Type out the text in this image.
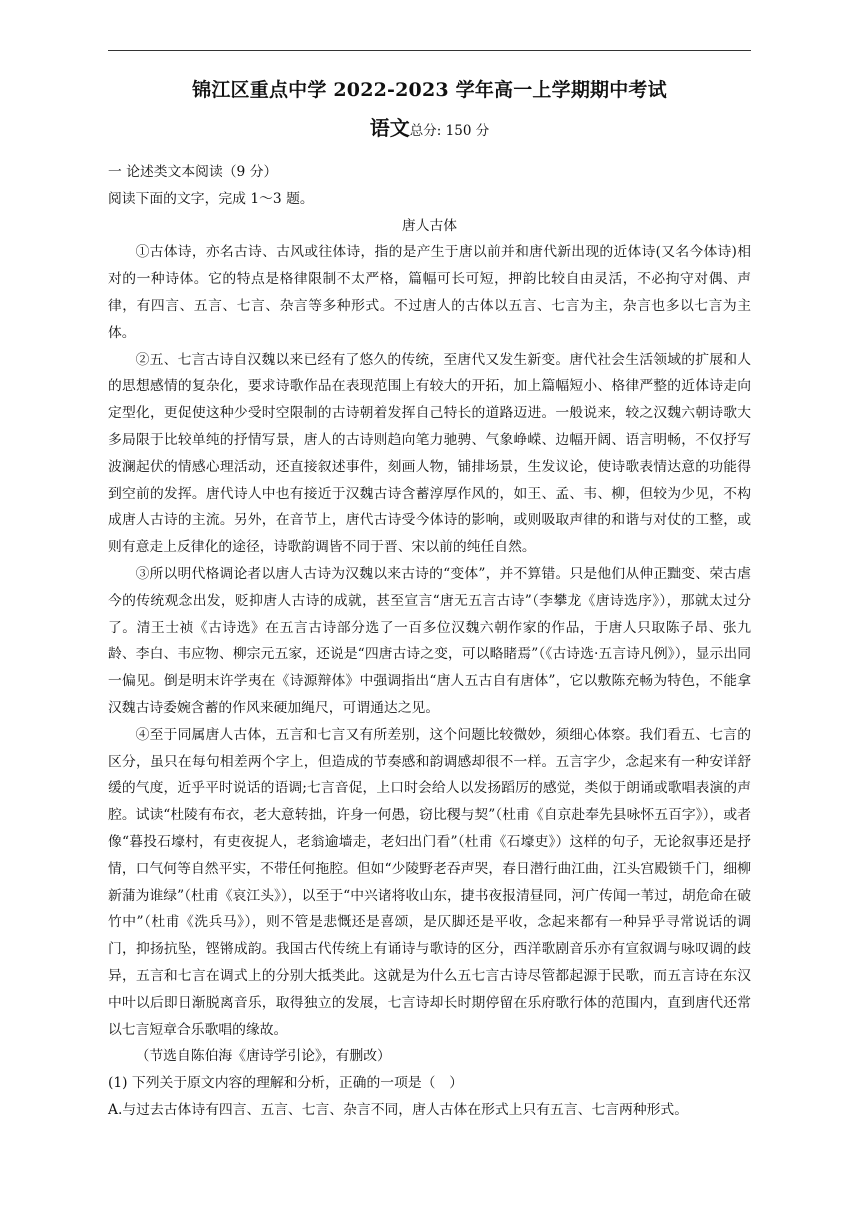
锦江区重点中学 2022-2023 学年高一上学期期中考试
语文总分: 150 分

一 论述类文本阅读（9 分）

阅读下面的文字，完成 1～3 题。

唐人古体

①古体诗，亦名古诗、古风或往体诗，指的是产生于唐以前并和唐代新出现的近体诗(又名今体诗)相对的一种诗体。它的特点是格律限制不太严格，篇幅可长可短，押韵比较自由灵活，不必拘守对偶、声律，有四言、五言、七言、杂言等多种形式。不过唐人的古体以五言、七言为主，杂言也多以七言为主体。

②五、七言古诗自汉魏以来已经有了悠久的传统，至唐代又发生新变。唐代社会生活领域的扩展和人的思想感情的复杂化，要求诗歌作品在表现范围上有较大的开拓，加上篇幅短小、格律严整的近体诗走向定型化，更促使这种少受时空限制的古诗朝着发挥自己特长的道路迈进。一般说来，较之汉魏六朝诗歌大多局限于比较单纯的抒情写景，唐人的古诗则趋向笔力驰骋、气象峥嵘、边幅开阔、语言明畅，不仅抒写波澜起伏的情感心理活动，还直接叙述事件，刻画人物，铺排场景，生发议论，使诗歌表情达意的功能得到空前的发挥。唐代诗人中也有接近于汉魏古诗含蓄淳厚作风的，如王、孟、韦、柳，但较为少见，不构成唐人古诗的主流。另外，在音节上，唐代古诗受今体诗的影响，或则吸取声律的和谐与对仗的工整，或则有意走上反律化的途径，诗歌韵调皆不同于晋、宋以前的纯任自然。

③所以明代格调论者以唐人古诗为汉魏以来古诗的“变体”，并不算错。只是他们从伸正黜变、荣古虐今的传统观念出发，贬抑唐人古诗的成就，甚至宣言“唐无五言古诗”（李攀龙《唐诗选序》），那就太过分了。清王士祯《古诗选》在五言古诗部分选了一百多位汉魏六朝作家的作品，于唐人只取陈子昂、张九龄、李白、韦应物、柳宗元五家，还说是“四唐古诗之变，可以略睹焉”（《古诗选·五言诗凡例》），显示出同一偏见。倒是明末许学夷在《诗源辩体》中强调指出“唐人五古自有唐体”，它以敷陈充畅为特色，不能拿汉魏古诗委婉含蓄的作风来硬加绳尺，可谓通达之见。

④至于同属唐人古体，五言和七言又有所差别，这个问题比较微妙，须细心体察。我们看五、七言的区分，虽只在每句相差两个字上，但造成的节奏感和韵调感却很不一样。五言字少，念起来有一种安详舒缓的气度，近乎平时说话的语调;七言音促，上口时会给人以发扬蹈厉的感觉，类似于朗诵或歌唱表演的声腔。试读“杜陵有布衣，老大意转拙，许身一何愚，窃比稷与契”（杜甫《自京赴奉先县咏怀五百字》），或者像“暮投石壕村，有吏夜捉人，老翁逾墙走，老妇出门看”（杜甫《石壕吏》）这样的句子，无论叙事还是抒情，口气何等自然平实，不带任何拖腔。但如“少陵野老吞声哭，春日潜行曲江曲，江头宫殿锁千门，细柳新蒲为谁绿”（杜甫《哀江头》），以至于“中兴诸将收山东，捷书夜报清昼同，河广传闻一苇过，胡危命在破竹中”（杜甫《洗兵马》），则不管是悲慨还是喜颂，是仄脚还是平收，念起来都有一种异乎寻常说话的调门，抑扬抗坠，铿锵成韵。我国古代传统上有诵诗与歌诗的区分，西洋歌剧音乐亦有宣叙调与咏叹调的歧异，五言和七言在调式上的分别大抵类此。这就是为什么五七言古诗尽管都起源于民歌，而五言诗在东汉中叶以后即日渐脱离音乐，取得独立的发展，七言诗却长时期停留在乐府歌行体的范围内，直到唐代还常以七言短章合乐歌唱的缘故。

（节选自陈伯海《唐诗学引论》，有删改）

(1) 下列关于原文内容的理解和分析，正确的一项是（　）

A.与过去古体诗有四言、五言、七言、杂言不同，唐人古体在形式上只有五言、七言两种形式。
